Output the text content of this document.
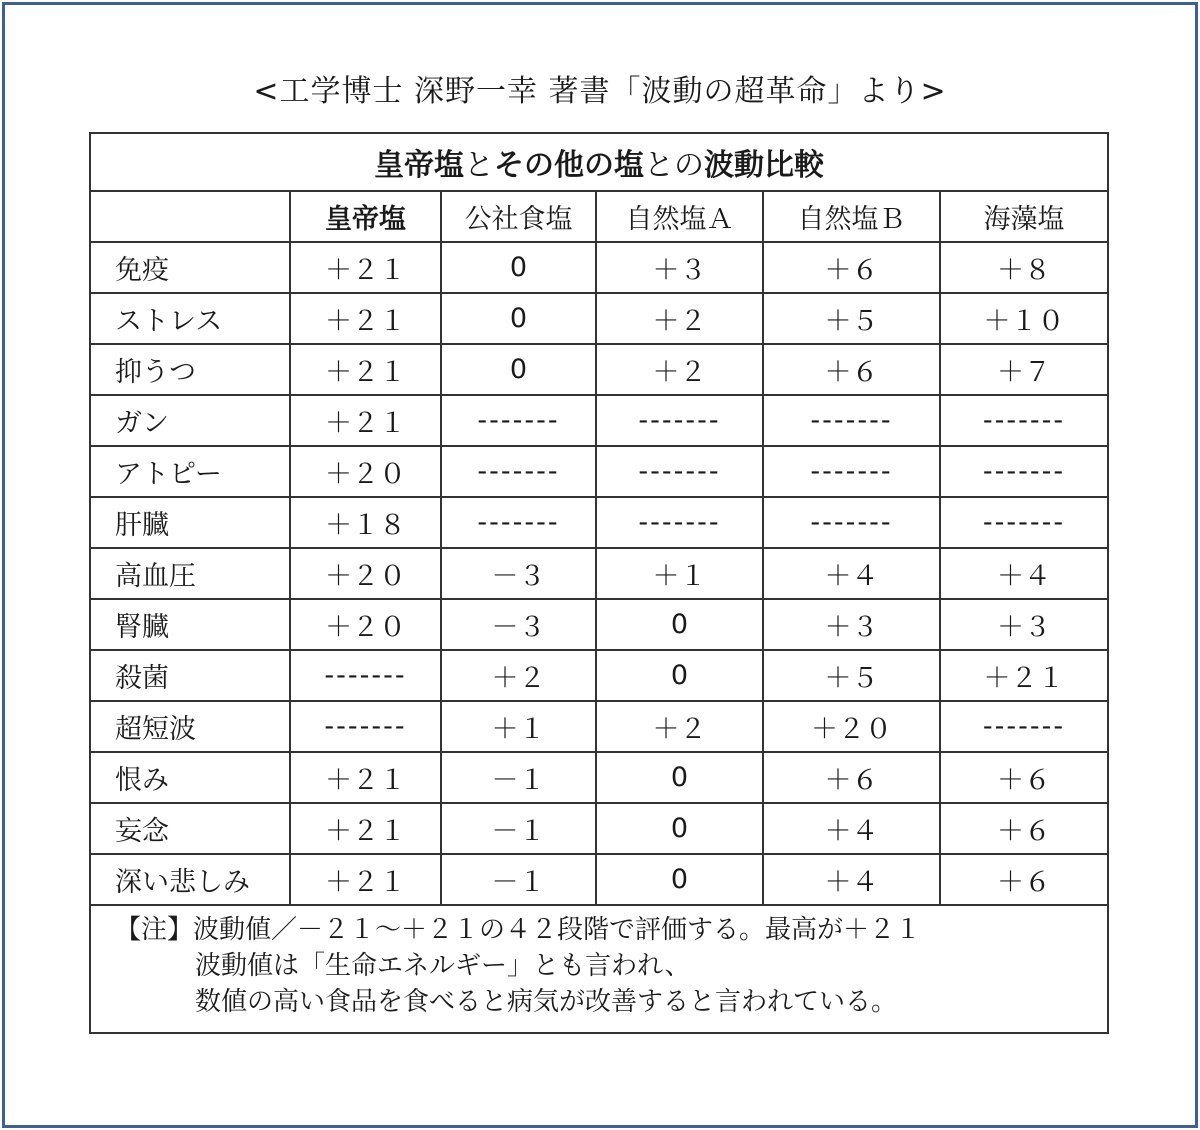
<工学博士 深野一幸 著書「波動の超革命」より>
皇帝塩とその他の塩との波動比較					
	皇帝塩	公社食塩	自然塩Ａ	自然塩Ｂ	海藻塩
免疫	＋２１	0	＋３	＋６	＋８
ストレス	＋２１	0	＋２	＋５	＋１０
抑うつ	＋２１	0	＋２	＋６	＋７
ガン	＋２１	-------	-------	-------	-------
アトピー	＋２０	-------	-------	-------	-------
肝臓	＋１８	-------	-------	-------	-------
高血圧	＋２０	－３	＋１	＋４	＋４
腎臓	＋２０	－３	0	＋３	＋３
殺菌	-------	＋２	0	＋５	＋２１
超短波	-------	＋１	＋２	＋２０	-------
恨み	＋２１	－１	0	＋６	＋６
妄念	＋２１	－１	0	＋４	＋６
深い悲しみ	＋２１	－１	0	＋４	＋６

【注】波動値／－２１～＋２１の４２段階で評価する。最高が＋２１
波動値は「生命エネルギー」とも言われ、
数値の高い食品を食べると病気が改善すると言われている。					
